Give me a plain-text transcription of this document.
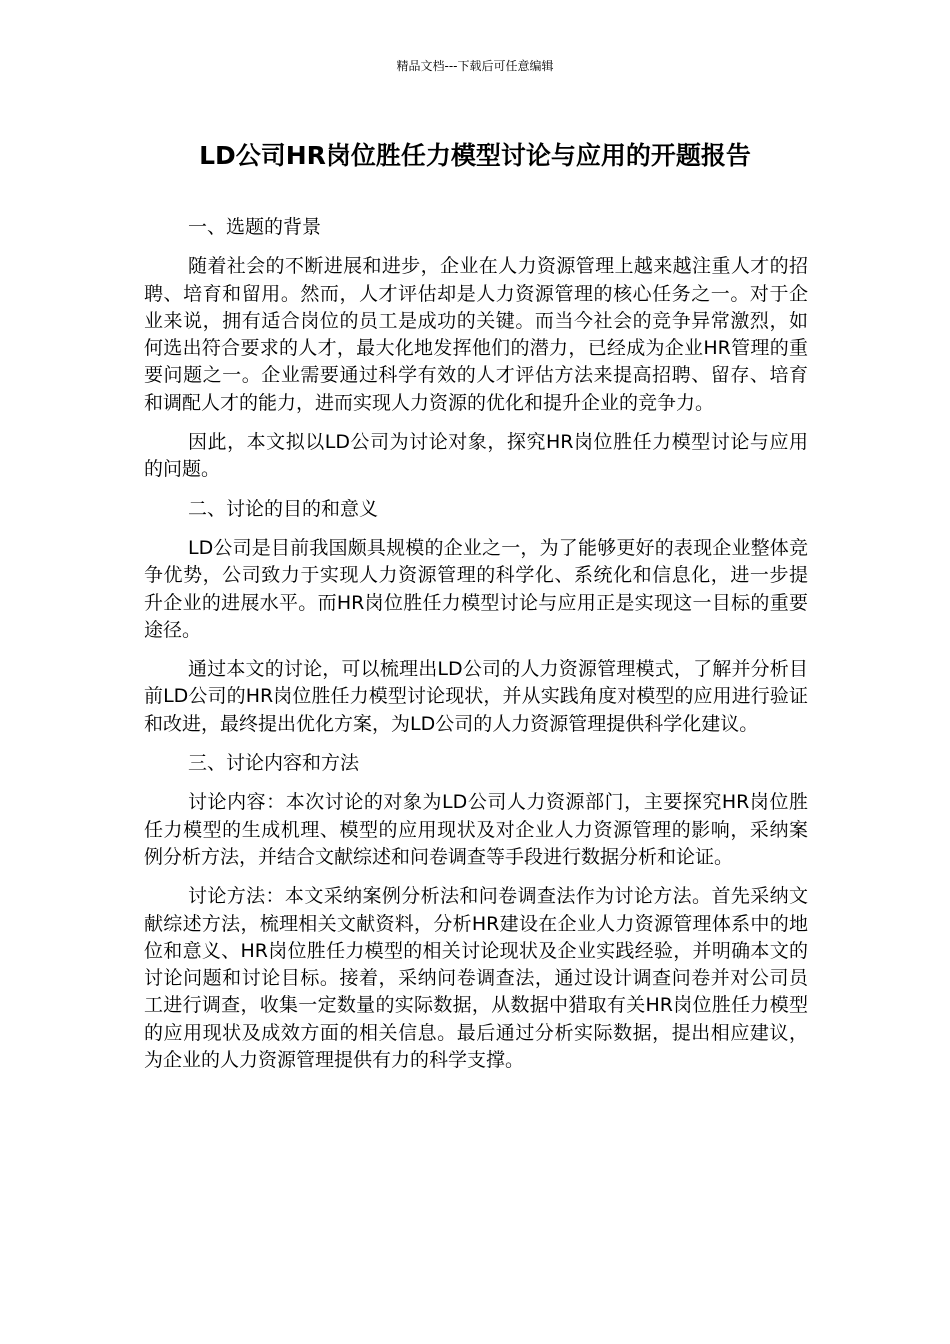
精品文档---下载后可任意编辑
LD公司HR岗位胜任力模型讨论与应用的开题报告

一、选题的背景

随着社会的不断进展和进步，企业在人力资源管理上越来越注重人才的招聘、培育和留用。然而，人才评估却是人力资源管理的核心任务之一。对于企业来说，拥有适合岗位的员工是成功的关键。而当今社会的竞争异常激烈，如何选出符合要求的人才，最大化地发挥他们的潜力，已经成为企业HR管理的重要问题之一。企业需要通过科学有效的人才评估方法来提高招聘、留存、培育和调配人才的能力，进而实现人力资源的优化和提升企业的竞争力。

因此，本文拟以LD公司为讨论对象，探究HR岗位胜任力模型讨论与应用的问题。

二、讨论的目的和意义

LD公司是目前我国颇具规模的企业之一，为了能够更好的表现企业整体竞争优势，公司致力于实现人力资源管理的科学化、系统化和信息化，进一步提升企业的进展水平。而HR岗位胜任力模型讨论与应用正是实现这一目标的重要途径。

通过本文的讨论，可以梳理出LD公司的人力资源管理模式，了解并分析目前LD公司的HR岗位胜任力模型讨论现状，并从实践角度对模型的应用进行验证和改进，最终提出优化方案，为LD公司的人力资源管理提供科学化建议。

三、讨论内容和方法

讨论内容：本次讨论的对象为LD公司人力资源部门，主要探究HR岗位胜任力模型的生成机理、模型的应用现状及对企业人力资源管理的影响，采纳案例分析方法，并结合文献综述和问卷调查等手段进行数据分析和论证。

讨论方法：本文采纳案例分析法和问卷调查法作为讨论方法。首先采纳文献综述方法，梳理相关文献资料，分析HR建设在企业人力资源管理体系中的地位和意义、HR岗位胜任力模型的相关讨论现状及企业实践经验，并明确本文的讨论问题和讨论目标。接着，采纳问卷调查法，通过设计调查问卷并对公司员工进行调查，收集一定数量的实际数据，从数据中猎取有关HR岗位胜任力模型的应用现状及成效方面的相关信息。最后通过分析实际数据，提出相应建议，为企业的人力资源管理提供有力的科学支撑。
